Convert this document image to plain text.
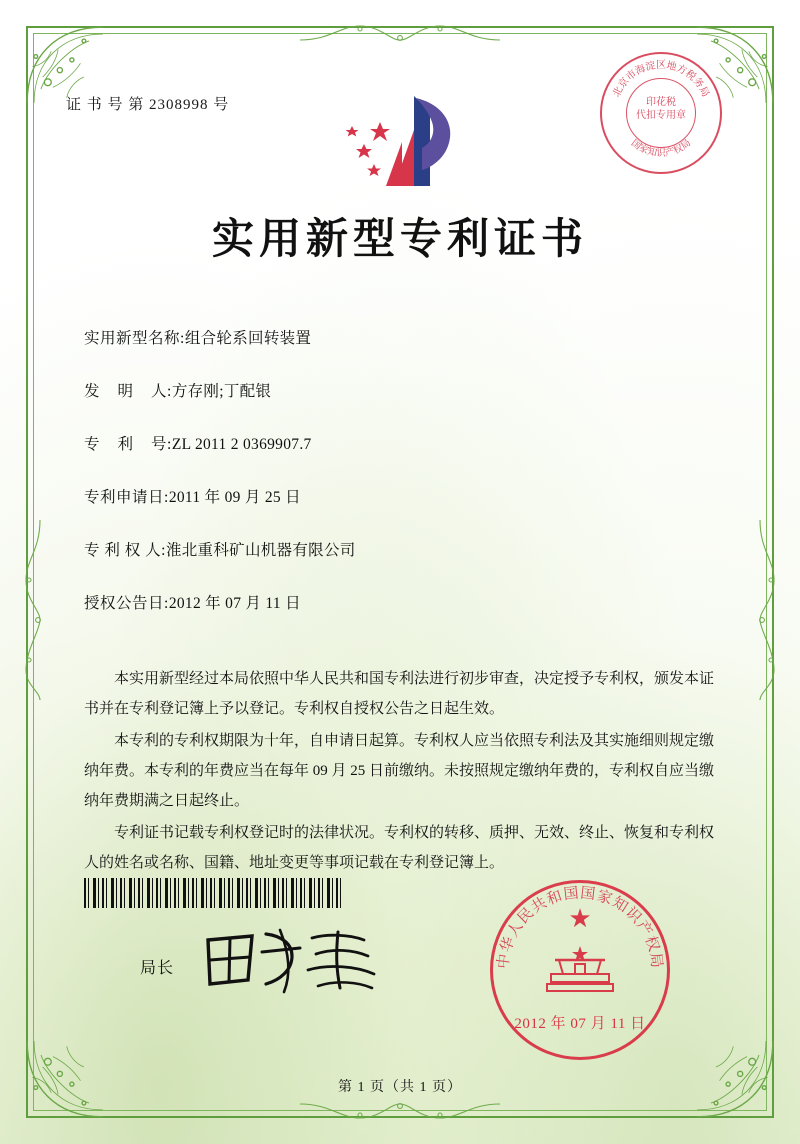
证 书 号 第 2308998 号
北京市海淀区地方税务局
国家知识产权局
印花税
代扣专用章
实用新型专利证书
实用新型名称: 组合轮系回转装置
发    明    人: 方存刚;丁配银
专    利    号: ZL 2011 2 0369907.7
专利申请日: 2011 年 09 月 25 日
专 利 权 人: 淮北重科矿山机器有限公司
授权公告日: 2012 年 07 月 11 日

本实用新型经过本局依照中华人民共和国专利法进行初步审查，决定授予专利权，颁发本证书并在专利登记簿上予以登记。专利权自授权公告之日起生效。

本专利的专利权期限为十年，自申请日起算。专利权人应当依照专利法及其实施细则规定缴纳年费。本专利的年费应当在每年 09 月 25 日前缴纳。未按照规定缴纳年费的，专利权自应当缴纳年费期满之日起终止。

专利证书记载专利权登记时的法律状况。专利权的转移、质押、无效、终止、恢复和专利权人的姓名或名称、国籍、地址变更等事项记载在专利登记簿上。

局长
★
中华人民共和国国家知识产权局
2012 年 07 月 11 日
第 1 页（共 1 页）
